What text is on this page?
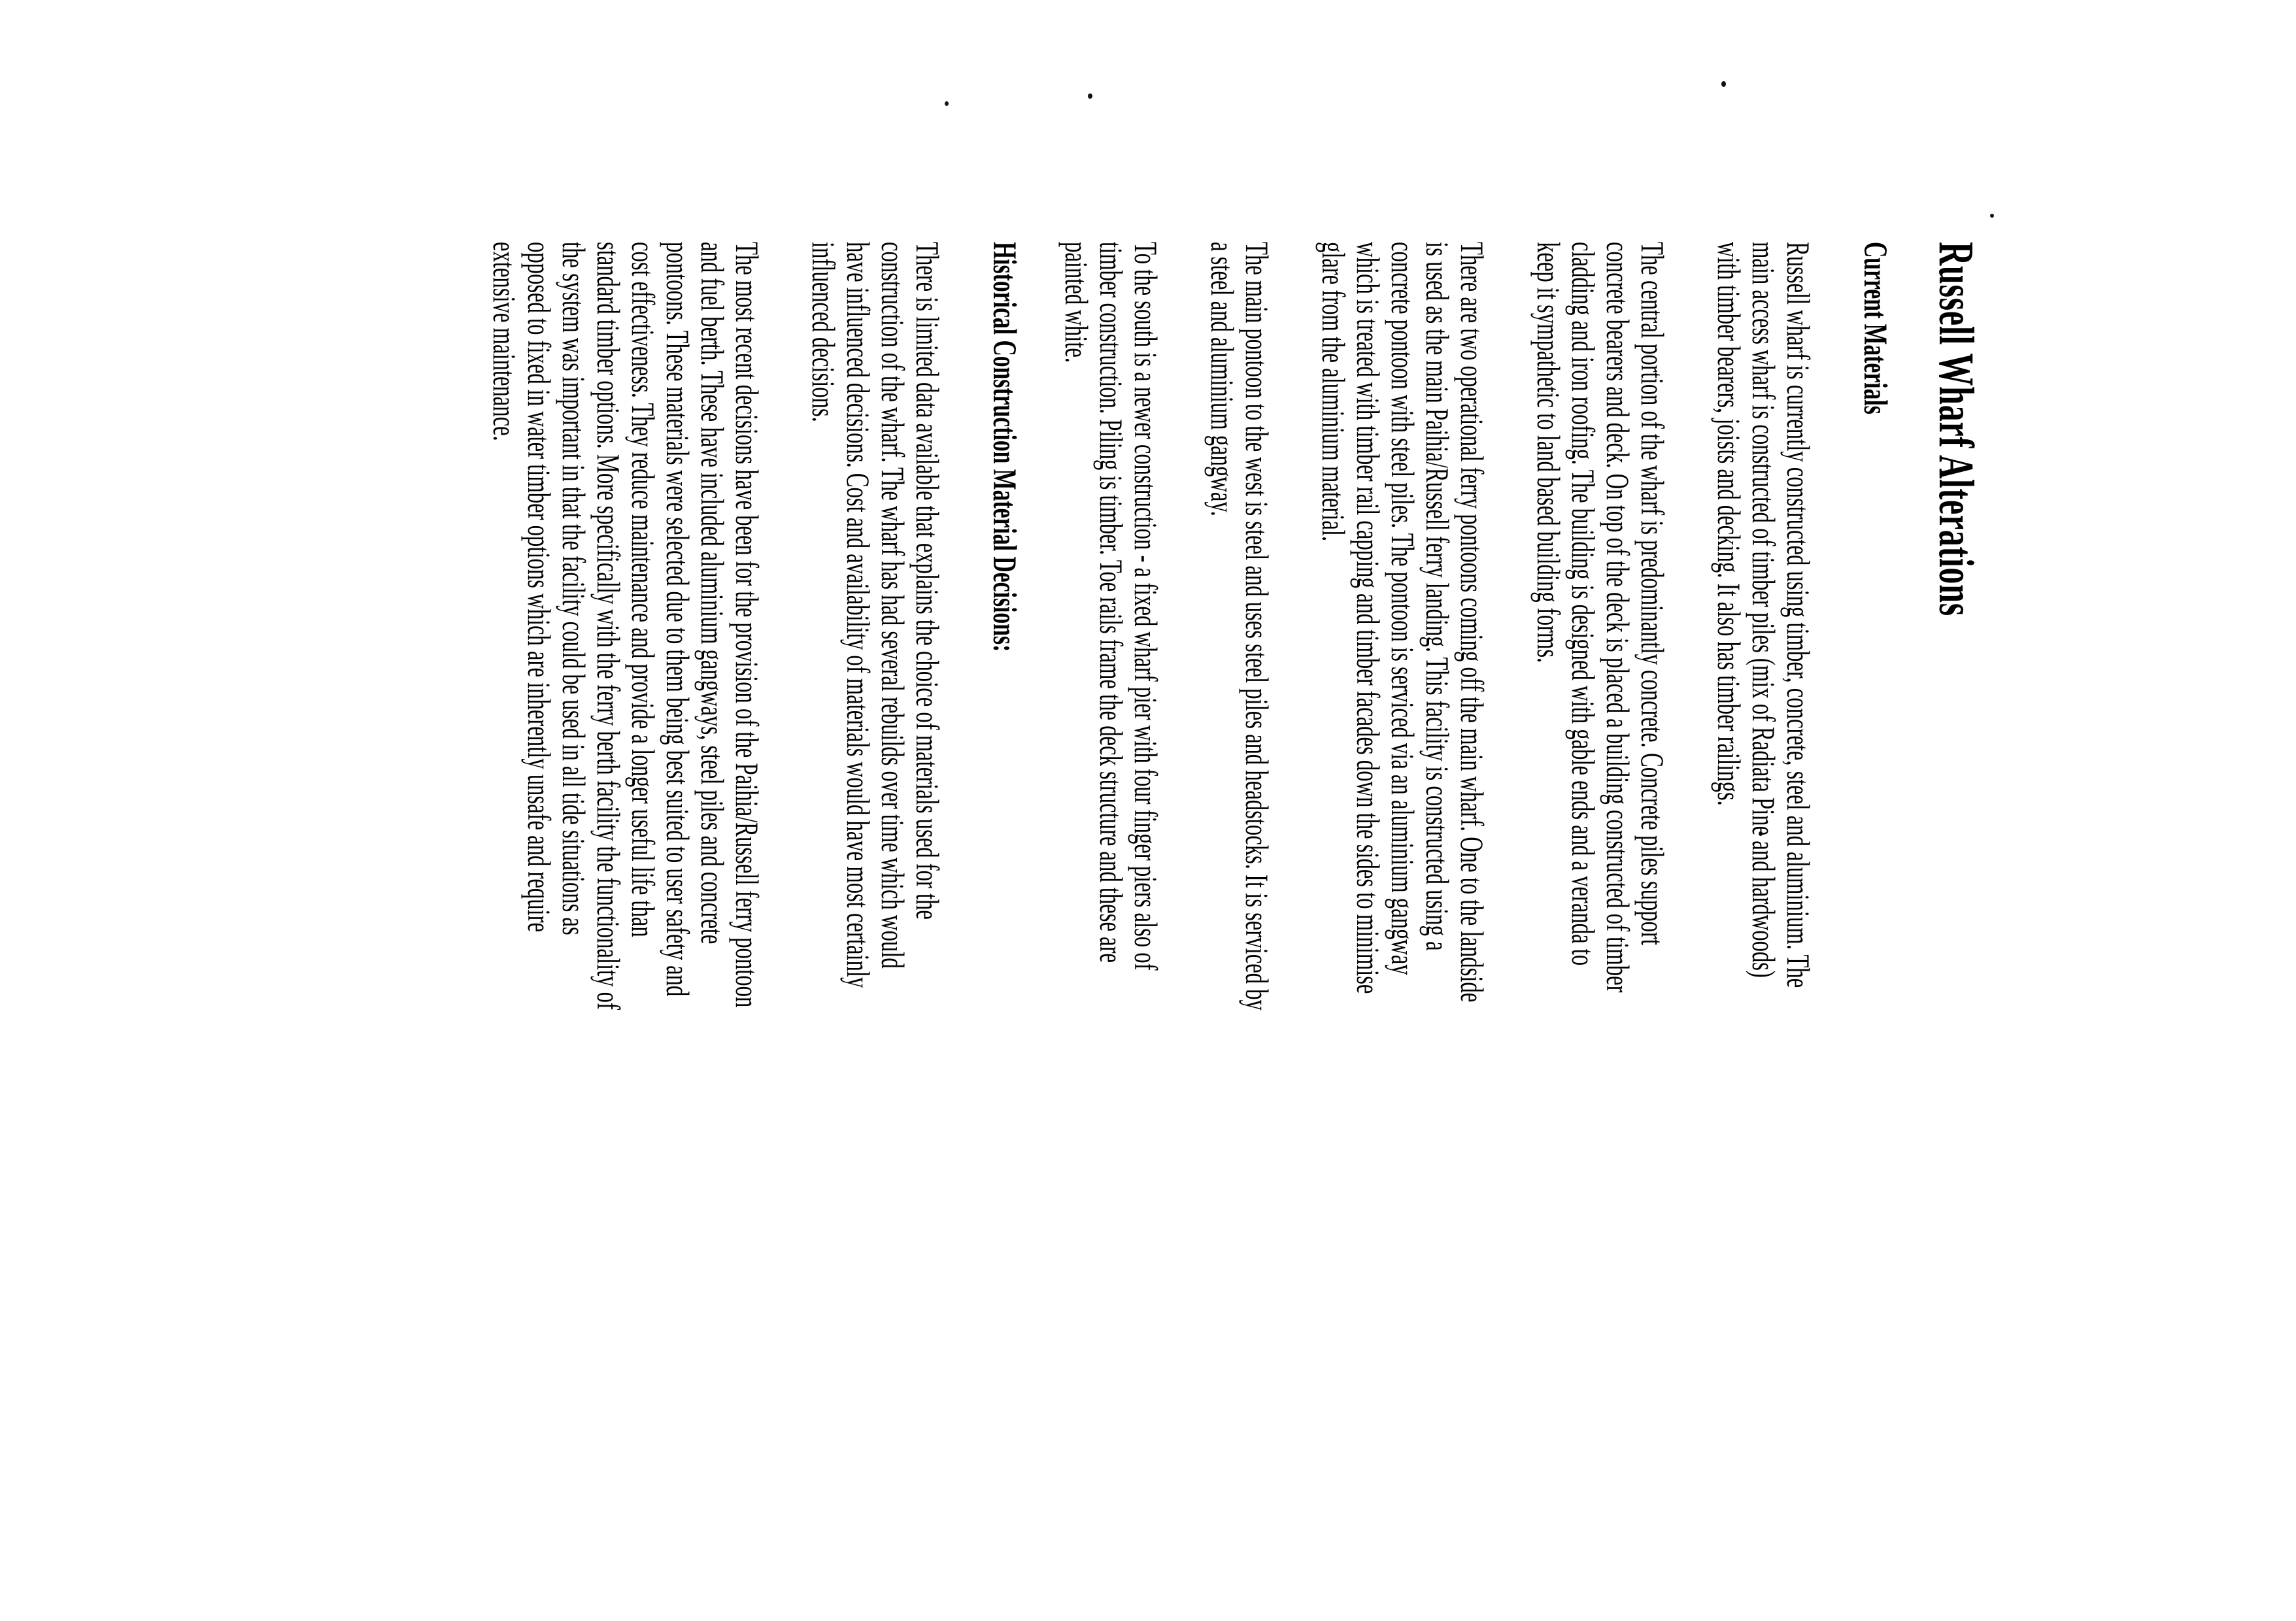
Russell Wharf Alterations
Current Materials
Russell wharf is currently constructed using timber, concrete, steel and aluminium. The
main access wharf is constructed of timber piles (mix of Radiata Pine and hardwoods)
with timber bearers, joists and decking. It also has timber railings.
The central portion of the wharf is predominantly concrete. Concrete piles support
concrete bearers and deck. On top of the deck is placed a building constructed of timber
cladding and iron roofing. The building is designed with gable ends and a veranda to
keep it sympathetic to land based building forms.
There are two operational ferry pontoons coming off the main wharf. One to the landside
is used as the main Paihia/Russell ferry landing. This facility is constructed using a
concrete pontoon with steel piles. The pontoon is serviced via an aluminium gangway
which is treated with timber rail capping and timber facades down the sides to minimise
glare from the aluminium material.
The main pontoon to the west is steel and uses steel piles and headstocks. It is serviced by
a steel and aluminium gangway.
To the south is a newer construction - a fixed wharf pier with four finger piers also of
timber construction. Piling is timber. Toe rails frame the deck structure and these are
painted white.
Historical Construction Material Decisions:
There is limited data available that explains the choice of materials used for the
construction of the wharf. The wharf has had several rebuilds over time which would
have influenced decisions. Cost and availability of materials would have most certainly
influenced decisions.
The most recent decisions have been for the provision of the Paihia/Russell ferry pontoon
and fuel berth. These have included aluminium gangways, steel piles and concrete
pontoons. These materials were selected due to them being best suited to user safety and
cost effectiveness. They reduce maintenance and provide a longer useful life than
standard timber options. More specifically with the ferry berth facility the functionality of
the system was important in that the facility could be used in all tide situations as
opposed to fixed in water timber options which are inherently unsafe and require
extensive maintenance.
